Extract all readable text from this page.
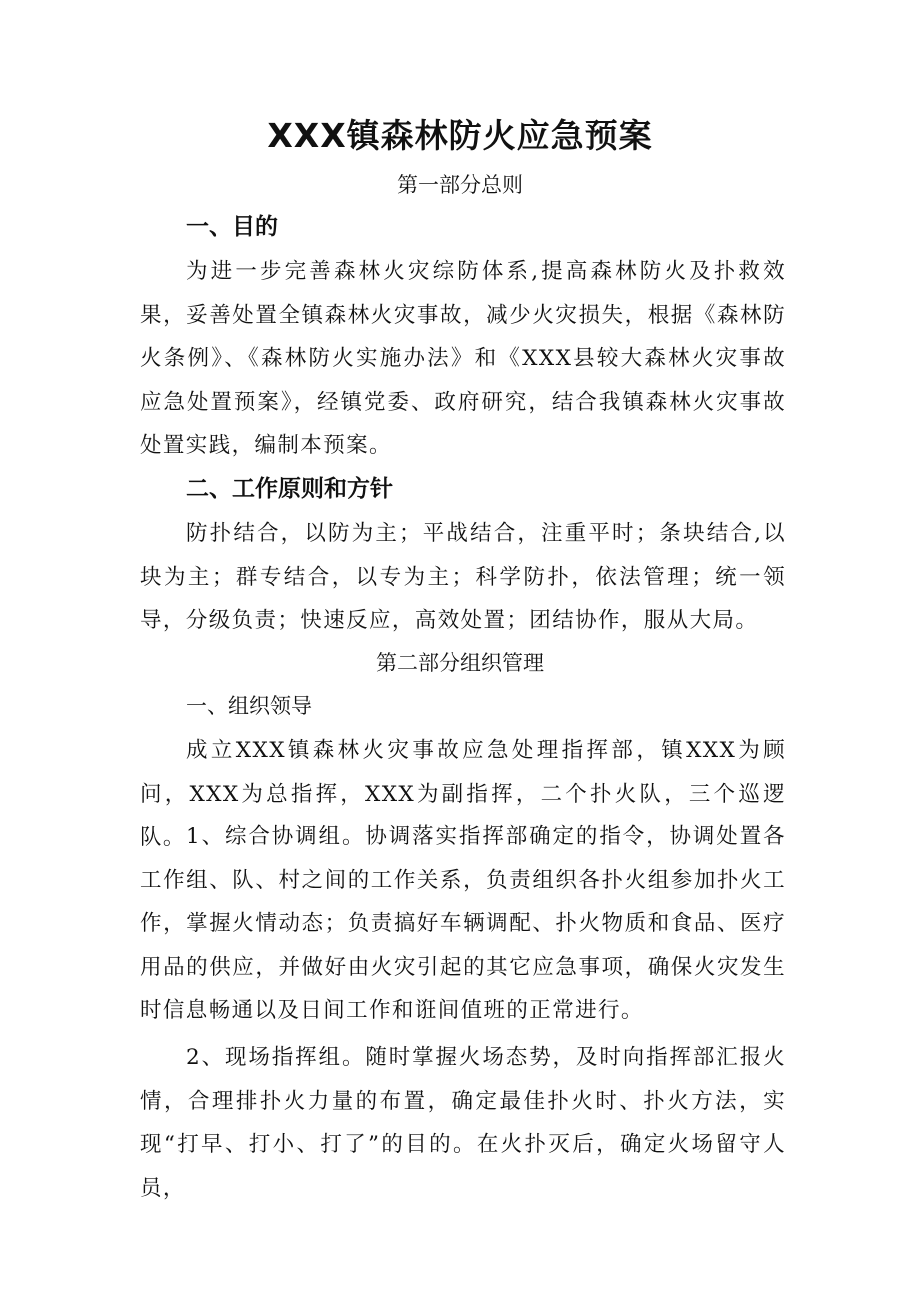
XXX镇森林防火应急预案
第一部分总则
一、目的

为进一步完善森林火灾综防体系,提高森林防火及扑救效果，妥善处置全镇森林火灾事故，减少火灾损失，根据《森林防火条例》、《森林防火实施办法》和《XXX县较大森林火灾事故应急处置预案》，经镇党委、政府研究，结合我镇森林火灾事故处置实践，编制本预案。

二、工作原则和方针

防扑结合，以防为主；平战结合，注重平时；条块结合,以块为主；群专结合，以专为主；科学防扑，依法管理；统一领导，分级负责；快速反应，高效处置；团结协作，服从大局。

第二部分组织管理
一、组织领导

成立XXX镇森林火灾事故应急处理指挥部，镇XXX为顾问，XXX为总指挥，XXX为副指挥，二个扑火队，三个巡逻队。 1、综合协调组。协调落实指挥部确定的指令，协调处置各工作组、队、村之间的工作关系，负责组织各扑火组参加扑火工作，掌握火情动态；负责搞好车辆调配、扑火物质和食品、医疗用品的供应，并做好由火灾引起的其它应急事项，确保火灾发生时信息畅通以及日间工作和诳间值班的正常进行。

2、现场指挥组。随时掌握火场态势，及时向指挥部汇报火情，合理排扑火力量的布置，确定最佳扑火时、扑火方法，实现“打早、打小、打了”的目的。在火扑灭后，确定火场留守人员，
